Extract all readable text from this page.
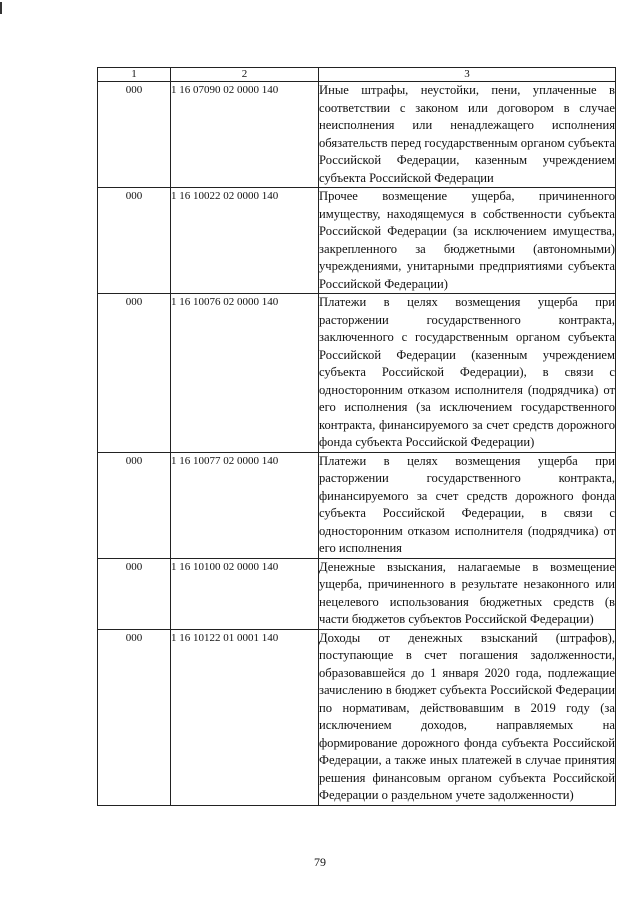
1	2	3
000	1 16 07090 02 0000 140	Иные штрафы, неустойки, пени, уплаченные в соответствии с законом или договором в случае неисполнения или ненадлежащего исполнения обязательств перед государственным органом субъекта Российской Федерации, казенным учреждением субъекта Российской Федерации
000	1 16 10022 02 0000 140	Прочее возмещение ущерба, причиненного имуществу, находящемуся в собственности субъекта Российской Федерации (за исключением имущества, закрепленного за бюджетными (автономными) учреждениями, унитарными предприятиями субъекта Российской Федерации)
000	1 16 10076 02 0000 140	Платежи в целях возмещения ущерба при расторжении государственного контракта, заключенного с государственным органом субъекта Российской Федерации (казенным учреждением субъекта Российской Федерации), в связи с односторонним отказом исполнителя (подрядчика) от его исполнения (за исключением государственного контракта, финансируемого за счет средств дорожного фонда субъекта Российской Федерации)
000	1 16 10077 02 0000 140	Платежи в целях возмещения ущерба при расторжении государственного контракта, финансируемого за счет средств дорожного фонда субъекта Российской Федерации, в связи с односторонним отказом исполнителя (подрядчика) от его исполнения
000	1 16 10100 02 0000 140	Денежные взыскания, налагаемые в возмещение ущерба, причиненного в результате незаконного или нецелевого использования бюджетных средств (в части бюджетов субъектов Российской Федерации)
000	1 16 10122 01 0001 140	Доходы от денежных взысканий (штрафов), поступающие в счет погашения задолженности, образовавшейся до 1 января 2020 года, подлежащие зачислению в бюджет субъекта Российской Федерации по нормативам, действовавшим в 2019 году (за исключением доходов, направляемых на формирование дорожного фонда субъекта Российской Федерации, а также иных платежей в случае принятия решения финансовым органом субъекта Российской Федерации о раздельном учете задолженности)
79
